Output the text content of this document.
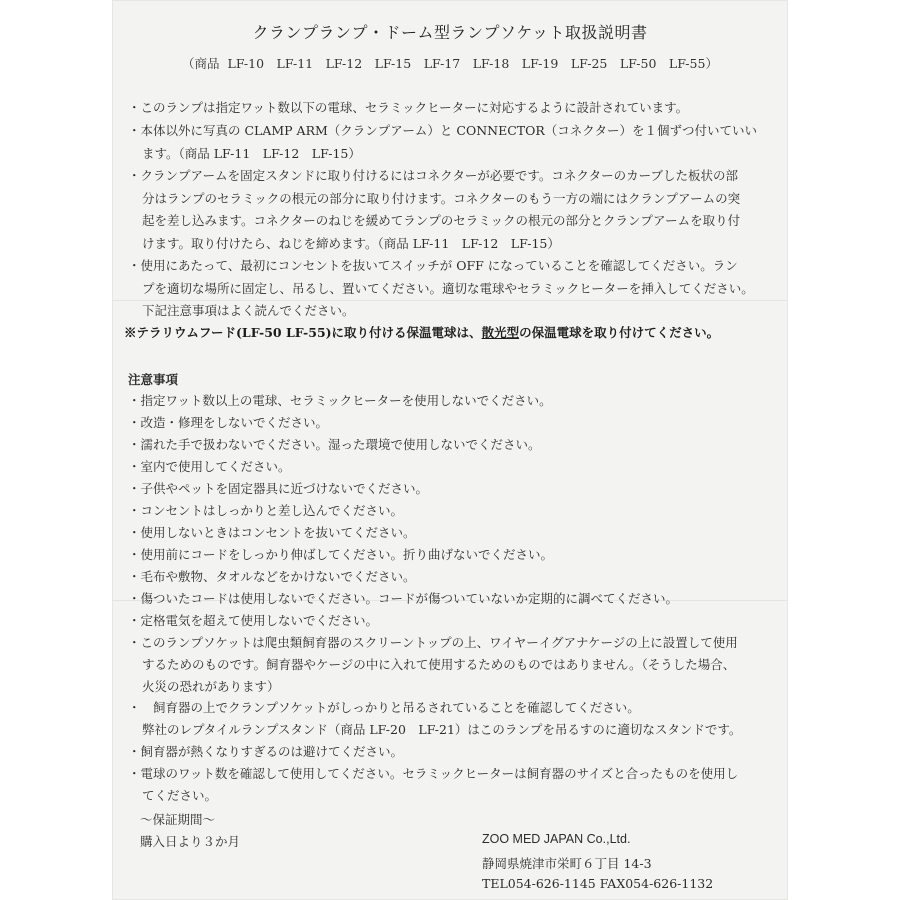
クランプランプ・ドーム型ランプソケット取扱説明書
（商品 LF-10　LF-11　LF-12　LF-15　LF-17　LF-18　LF-19　LF-25　LF-50　LF-55）
・このランプは指定ワット数以下の電球、セラミックヒーターに対応するように設計されています。
・本体以外に写真の CLAMP ARM（クランプアーム）と CONNECTOR（コネクター）を１個ずつ付いていい
ます。（商品 LF-11　LF-12　LF-15）
・クランプアームを固定スタンドに取り付けるにはコネクターが必要です。コネクターのカーブした板状の部
分はランプのセラミックの根元の部分に取り付けます。コネクターのもう一方の端にはクランプアームの突
起を差し込みます。コネクターのねじを緩めてランプのセラミックの根元の部分とクランプアームを取り付
けます。取り付けたら、ねじを締めます。（商品 LF-11　LF-12　LF-15）
・使用にあたって、最初にコンセントを抜いてスイッチが OFF になっていることを確認してください。ラン
プを適切な場所に固定し、吊るし、置いてください。適切な電球やセラミックヒーターを挿入してください。
下記注意事項はよく読んでください。
※テラリウムフード(LF-50 LF-55)に取り付ける保温電球は、散光型の保温電球を取り付けてください。
注意事項
・指定ワット数以上の電球、セラミックヒーターを使用しないでください。
・改造・修理をしないでください。
・濡れた手で扱わないでください。湿った環境で使用しないでください。
・室内で使用してください。
・子供やペットを固定器具に近づけないでください。
・コンセントはしっかりと差し込んでください。
・使用しないときはコンセントを抜いてください。
・使用前にコードをしっかり伸ばしてください。折り曲げないでください。
・毛布や敷物、タオルなどをかけないでください。
・傷ついたコードは使用しないでください。コードが傷ついていないか定期的に調べてください。
・定格電気を超えて使用しないでください。
・このランプソケットは爬虫類飼育器のスクリーントップの上、ワイヤーイグアナケージの上に設置して使用
するためのものです。飼育器やケージの中に入れて使用するためのものではありません。（そうした場合、
火災の恐れがあります）
・　飼育器の上でクランプソケットがしっかりと吊るされていることを確認してください。
弊社のレプタイルランプスタンド（商品 LF-20　LF-21）はこのランプを吊るすのに適切なスタンドです。
・飼育器が熱くなりすぎるのは避けてください。
・電球のワット数を確認して使用してください。セラミックヒーターは飼育器のサイズと合ったものを使用し
てください。
〜保証期間〜
購入日より３か月	ZOO MED JAPAN Co.,Ltd.
静岡県焼津市栄町６丁目 14-3
TEL054-626-1145 FAX054-626-1132
